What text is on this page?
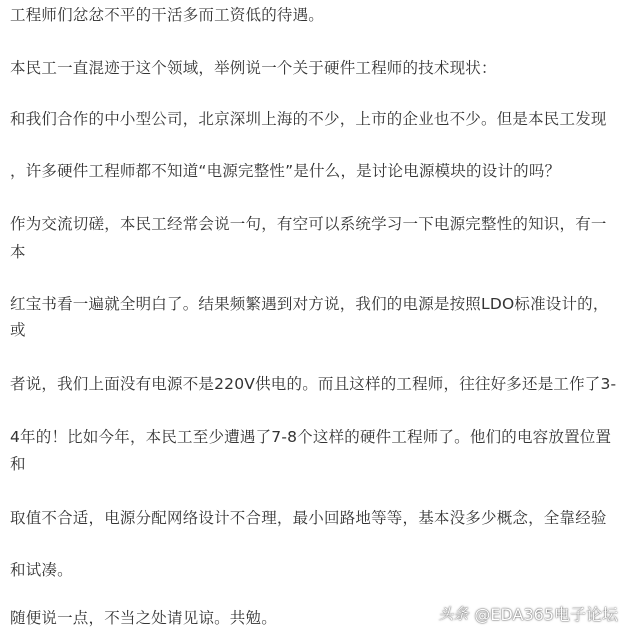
工程师们忿忿不平的干活多而工资低的待遇。
本民工一直混迹于这个领域，举例说一个关于硬件工程师的技术现状：
和我们合作的中小型公司，北京深圳上海的不少，上市的企业也不少。但是本民工发现
，许多硬件工程师都不知道“电源完整性”是什么，是讨论电源模块的设计的吗？
作为交流切磋，本民工经常会说一句，有空可以系统学习一下电源完整性的知识，有一
本
红宝书看一遍就全明白了。结果频繁遇到对方说，我们的电源是按照LDO标准设计的，
或
者说，我们上面没有电源不是220V供电的。而且这样的工程师，往往好多还是工作了3-
4年的！比如今年，本民工至少遭遇了7-8个这样的硬件工程师了。他们的电容放置位置
和
取值不合适，电源分配网络设计不合理，最小回路地等等，基本没多少概念，全靠经验
和试凑。
随便说一点，不当之处请见谅。共勉。	头条 @EDA365电子论坛
